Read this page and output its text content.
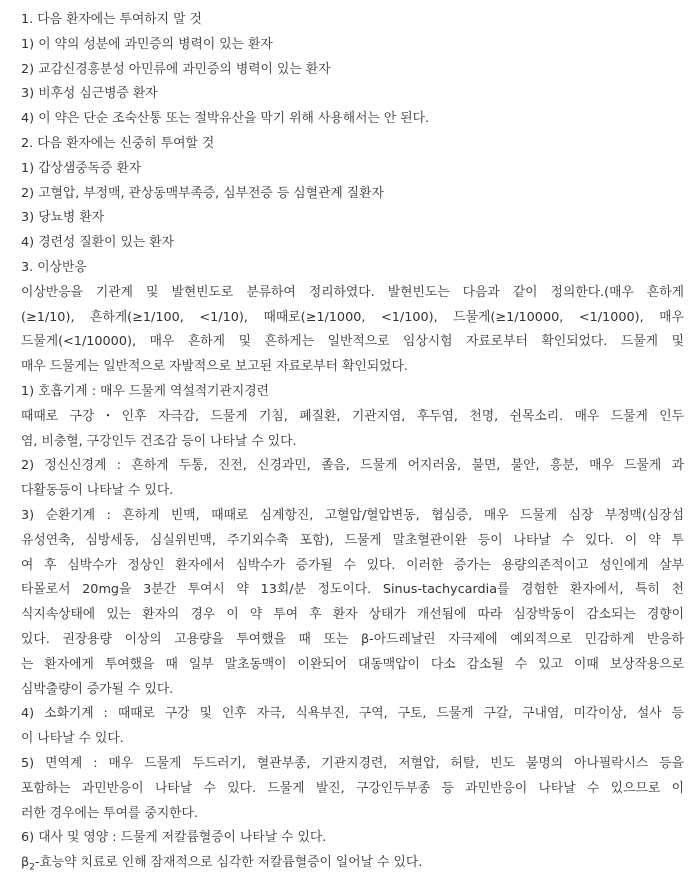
1. 다음 환자에는 투여하지 말 것
1) 이 약의 성분에 과민증의 병력이 있는 환자
2) 교감신경흥분성 아민류에 과민증의 병력이 있는 환자
3) 비후성 심근병증 환자
4) 이 약은 단순 조숙산통 또는 절박유산을 막기 위해 사용해서는 안 된다.
2. 다음 환자에는 신중히 투여할 것
1) 갑상샘중독증 환자
2) 고혈압, 부정맥, 관상동맥부족증, 심부전증 등 심혈관계 질환자
3) 당뇨병 환자
4) 경련성 질환이 있는 환자
3. 이상반응
이상반응을 기관계 및 발현빈도로 분류하여 정리하였다. 발현빈도는 다음과 같이 정의한다.(매우 흔하게
(≥1/10), 흔하게(≥1/100, <1/10), 때때로(≥1/1000, <1/100), 드물게(≥1/10000, <1/1000), 매우
드물게(<1/10000), 매우 흔하게 및 흔하게는 일반적으로 임상시험 자료로부터 확인되었다. 드물게 및
매우 드물게는 일반적으로 자발적으로 보고된 자료로부터 확인되었다.
1) 호흡기계 : 매우 드물게 역설적기관지경련
때때로 구강・인후 자극감, 드물게 기침, 폐질환, 기관지염, 후두염, 천명, 쉰목소리. 매우 드물게 인두
염, 비충혈, 구강인두 건조감 등이 나타날 수 있다.
2) 정신신경계 : 흔하게 두통, 진전, 신경과민, 졸음, 드물게 어지러움, 불면, 불안, 흥분, 매우 드물게 과
다활동등이 나타날 수 있다.
3) 순환기계 : 흔하게 빈맥, 때때로 심계항진, 고혈압/혈압변동, 협심증, 매우 드물게 심장 부정맥(심장섬
유성연축, 심방세동, 심실위빈맥, 주기외수축 포함), 드물게 말초혈관이완 등이 나타날 수 있다. 이 약 투
여 후 심박수가 정상인 환자에서 심박수가 증가될 수 있다. 이러한 증가는 용량의존적이고 성인에게 살부
타몰로서 20mg을 3분간 투여시 약 13회/분 정도이다. Sinus-tachycardia를 경험한 환자에서, 특히 천
식지속상태에 있는 환자의 경우 이 약 투여 후 환자 상태가 개선됨에 따라 심장박동이 감소되는 경향이
있다. 권장용량 이상의 고용량을 투여했을 때 또는 β-아드레날린 자극제에 예외적으로 민감하게 반응하
는 환자에게 투여했을 때 일부 말초동맥이 이완되어 대동맥압이 다소 감소될 수 있고 이때 보상작용으로
심박출량이 증가될 수 있다.
4) 소화기계 : 때때로 구강 및 인후 자극, 식욕부진, 구역, 구토, 드물게 구갈, 구내염, 미각이상, 설사 등
이 나타날 수 있다.
5) 면역계 : 매우 드물게 두드러기, 혈관부종, 기관지경련, 저혈압, 허탈, 빈도 불명의 아나필락시스 등을
포함하는 과민반응이 나타날 수 있다. 드물게 발진, 구강인두부종 등 과민반응이 나타날 수 있으므로 이
러한 경우에는 투여를 중지한다.
6) 대사 및 영양 : 드물게 저칼륨혈증이 나타날 수 있다.
$\beta_2-$효능약 치료로 인해 잠재적으로 심각한 저칼륨혈증이 일어날 수 있다.
